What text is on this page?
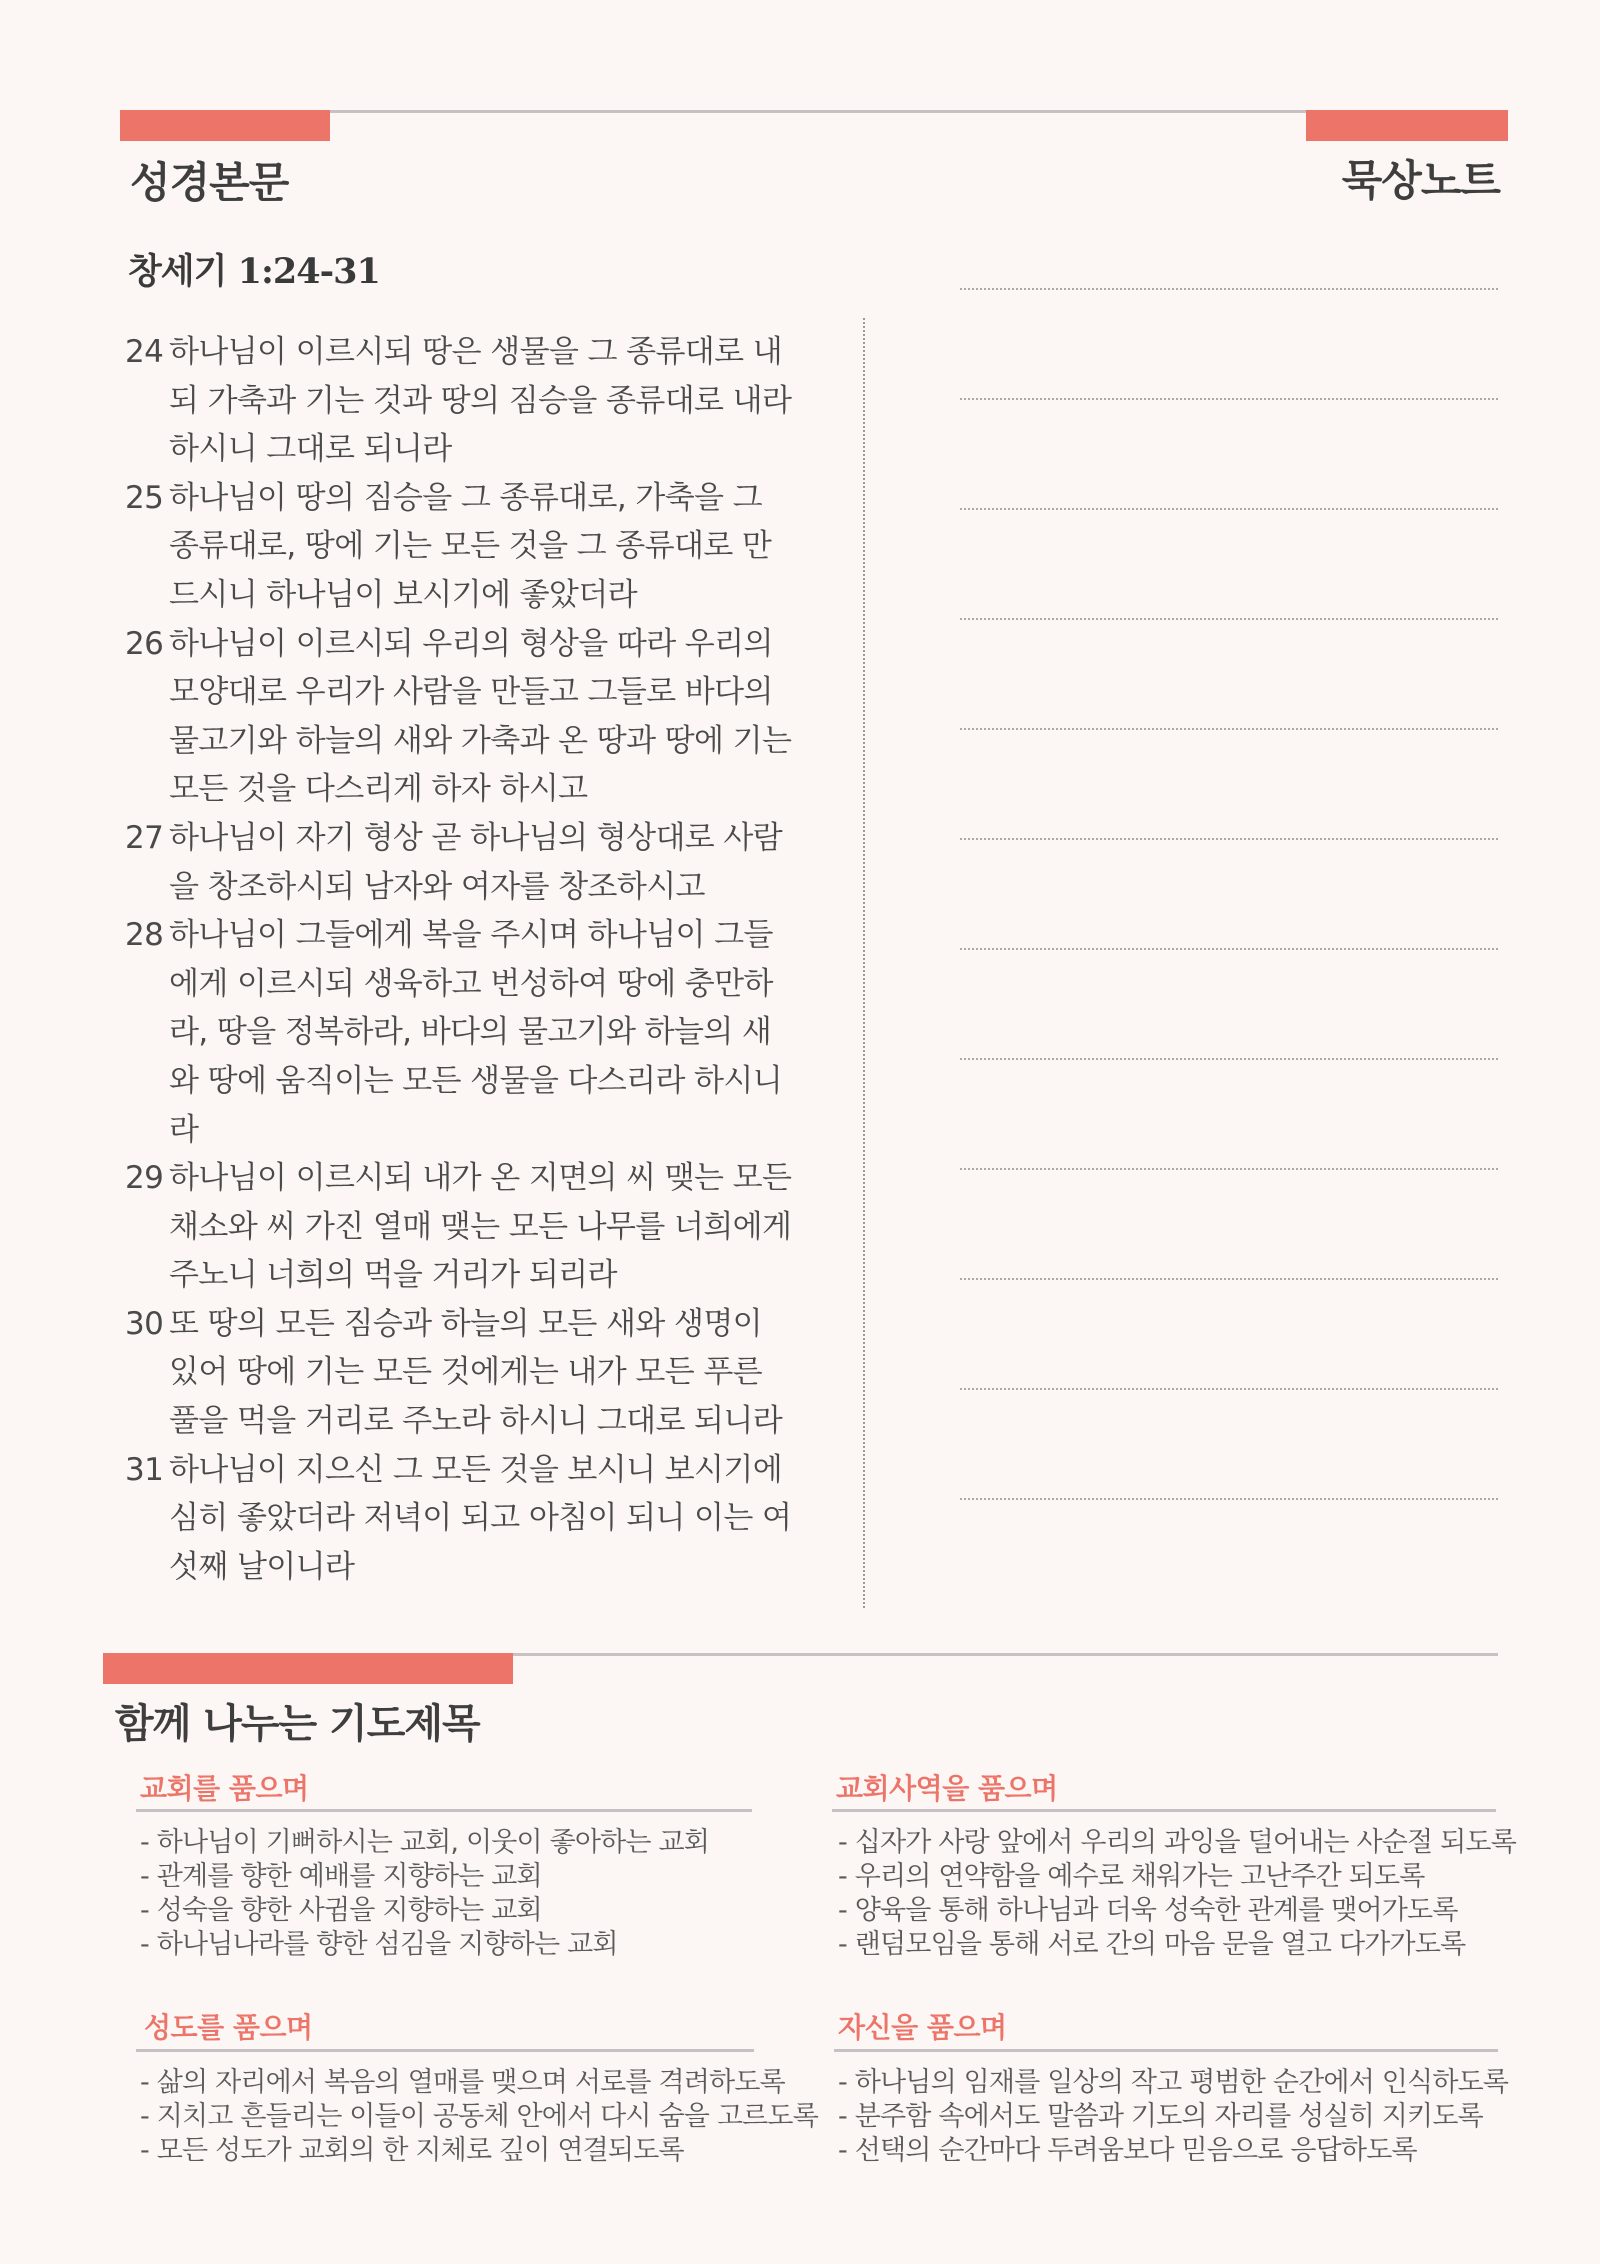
성경본문	묵상노트
창세기 1:24-31
24 하나님이 이르시되 땅은 생물을 그 종류대로 내
되 가축과 기는 것과 땅의 짐승을 종류대로 내라
하시니 그대로 되니라
25 하나님이 땅의 짐승을 그 종류대로, 가축을 그
종류대로, 땅에 기는 모든 것을 그 종류대로 만
드시니 하나님이 보시기에 좋았더라
26 하나님이 이르시되 우리의 형상을 따라 우리의
모양대로 우리가 사람을 만들고 그들로 바다의
물고기와 하늘의 새와 가축과 온 땅과 땅에 기는
모든 것을 다스리게 하자 하시고
27 하나님이 자기 형상 곧 하나님의 형상대로 사람
을 창조하시되 남자와 여자를 창조하시고
28 하나님이 그들에게 복을 주시며 하나님이 그들
에게 이르시되 생육하고 번성하여 땅에 충만하
라, 땅을 정복하라, 바다의 물고기와 하늘의 새
와 땅에 움직이는 모든 생물을 다스리라 하시니
라
29 하나님이 이르시되 내가 온 지면의 씨 맺는 모든
채소와 씨 가진 열매 맺는 모든 나무를 너희에게
주노니 너희의 먹을 거리가 되리라
30 또 땅의 모든 짐승과 하늘의 모든 새와 생명이
있어 땅에 기는 모든 것에게는 내가 모든 푸른
풀을 먹을 거리로 주노라 하시니 그대로 되니라
31 하나님이 지으신 그 모든 것을 보시니 보시기에
심히 좋았더라 저녁이 되고 아침이 되니 이는 여
섯째 날이니라
함께 나누는 기도제목
교회를 품으며
- 하나님이 기뻐하시는 교회, 이웃이 좋아하는 교회
- 관계를 향한 예배를 지향하는 교회
- 성숙을 향한 사귐을 지향하는 교회
- 하나님나라를 향한 섬김을 지향하는 교회
교회사역을 품으며
- 십자가 사랑 앞에서 우리의 과잉을 덜어내는 사순절 되도록
- 우리의 연약함을 예수로 채워가는 고난주간 되도록
- 양육을 통해 하나님과 더욱 성숙한 관계를 맺어가도록
- 랜덤모임을 통해 서로 간의 마음 문을 열고 다가가도록
성도를 품으며
- 삶의 자리에서 복음의 열매를 맺으며 서로를 격려하도록
- 지치고 흔들리는 이들이 공동체 안에서 다시 숨을 고르도록
- 모든 성도가 교회의 한 지체로 깊이 연결되도록
자신을 품으며
- 하나님의 임재를 일상의 작고 평범한 순간에서 인식하도록
- 분주함 속에서도 말씀과 기도의 자리를 성실히 지키도록
- 선택의 순간마다 두려움보다 믿음으로 응답하도록
